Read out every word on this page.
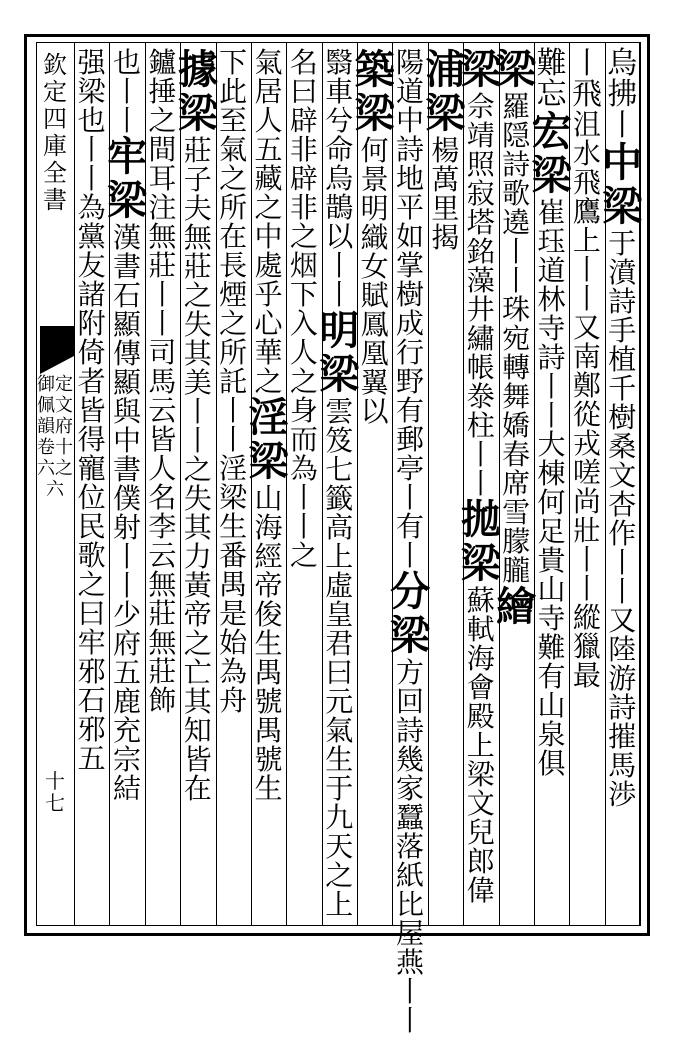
欽定四庫全書
御定佩文韻府卷十六之六
十七
烏
拂
丨
中
梁
于
濆
詩
手
植
千
樹
桑
文
杏
作
丨
丨
又
陸
游
詩
摧
馬
渉
丨
飛
沮
水
飛
鷹
上
丨
丨
又
南
鄭
從
戎
嗟
尚
壯
丨
丨
縱
獵
最
難
忘
宏
梁
崔
珏
道
林
寺
詩
丨
丨
大
棟
何
足
貴
山
寺
難
有
山
泉
俱
梁
羅
隠
詩
歌
遶
丨
丨
珠
宛
轉
舞
嬌
春
席
雪
朦
朧
繪
梁
佘
靖
照
寂
塔
銘
藻
井
繡
帳
𣳾
柱
丨
丨
拋
梁
蘇
軾
海
會
殿
上
梁
文
兒
郎
偉
浦
梁
楊
萬
里
揭
陽
道
中
詩
地
平
如
掌
樹
成
行
野
有
郵
亭
丨
有
丨
分
梁
方
回
詩
幾
家
蠶
落
紙
比
屋
燕
丨
丨
築
梁
何
景
明
織
女
賦
鳳
凰
翼
以
翳
車
兮
命
烏
鵲
以
丨
丨
明
梁
雲
笈
七
籤
高
上
虛
皇
君
曰
元
氣
生
于
九
天
之
上
名
曰
辟
非
辟
非
之
烟
下
入
人
之
身
而
為
丨
丨
之
氣
居
人
五
藏
之
中
處
乎
心
華
之
淫
梁
山
海
經
帝
俊
生
禺
號
禺
號
生
下
此
至
氣
之
所
在
長
煙
之
所
託
丨
丨
淫
梁
生
番
禺
是
始
為
舟
據
梁
莊
子
夫
無
莊
之
失
其
美
丨
丨
之
失
其
力
黃
帝
之
亡
其
知
皆
在
鑪
捶
之
間
耳
注
無
莊
丨
丨
司
馬
云
皆
人
名
李
云
無
莊
無
莊
飾
也
丨
丨
牢
梁
漢
書
石
顯
傳
顯
與
中
書
僕
射
丨
丨
少
府
五
鹿
充
宗
結
强
梁
也
丨
丨
為
黨
友
諸
附
倚
者
皆
得
寵
位
民
歌
之
曰
牢
邪
石
邪
五
